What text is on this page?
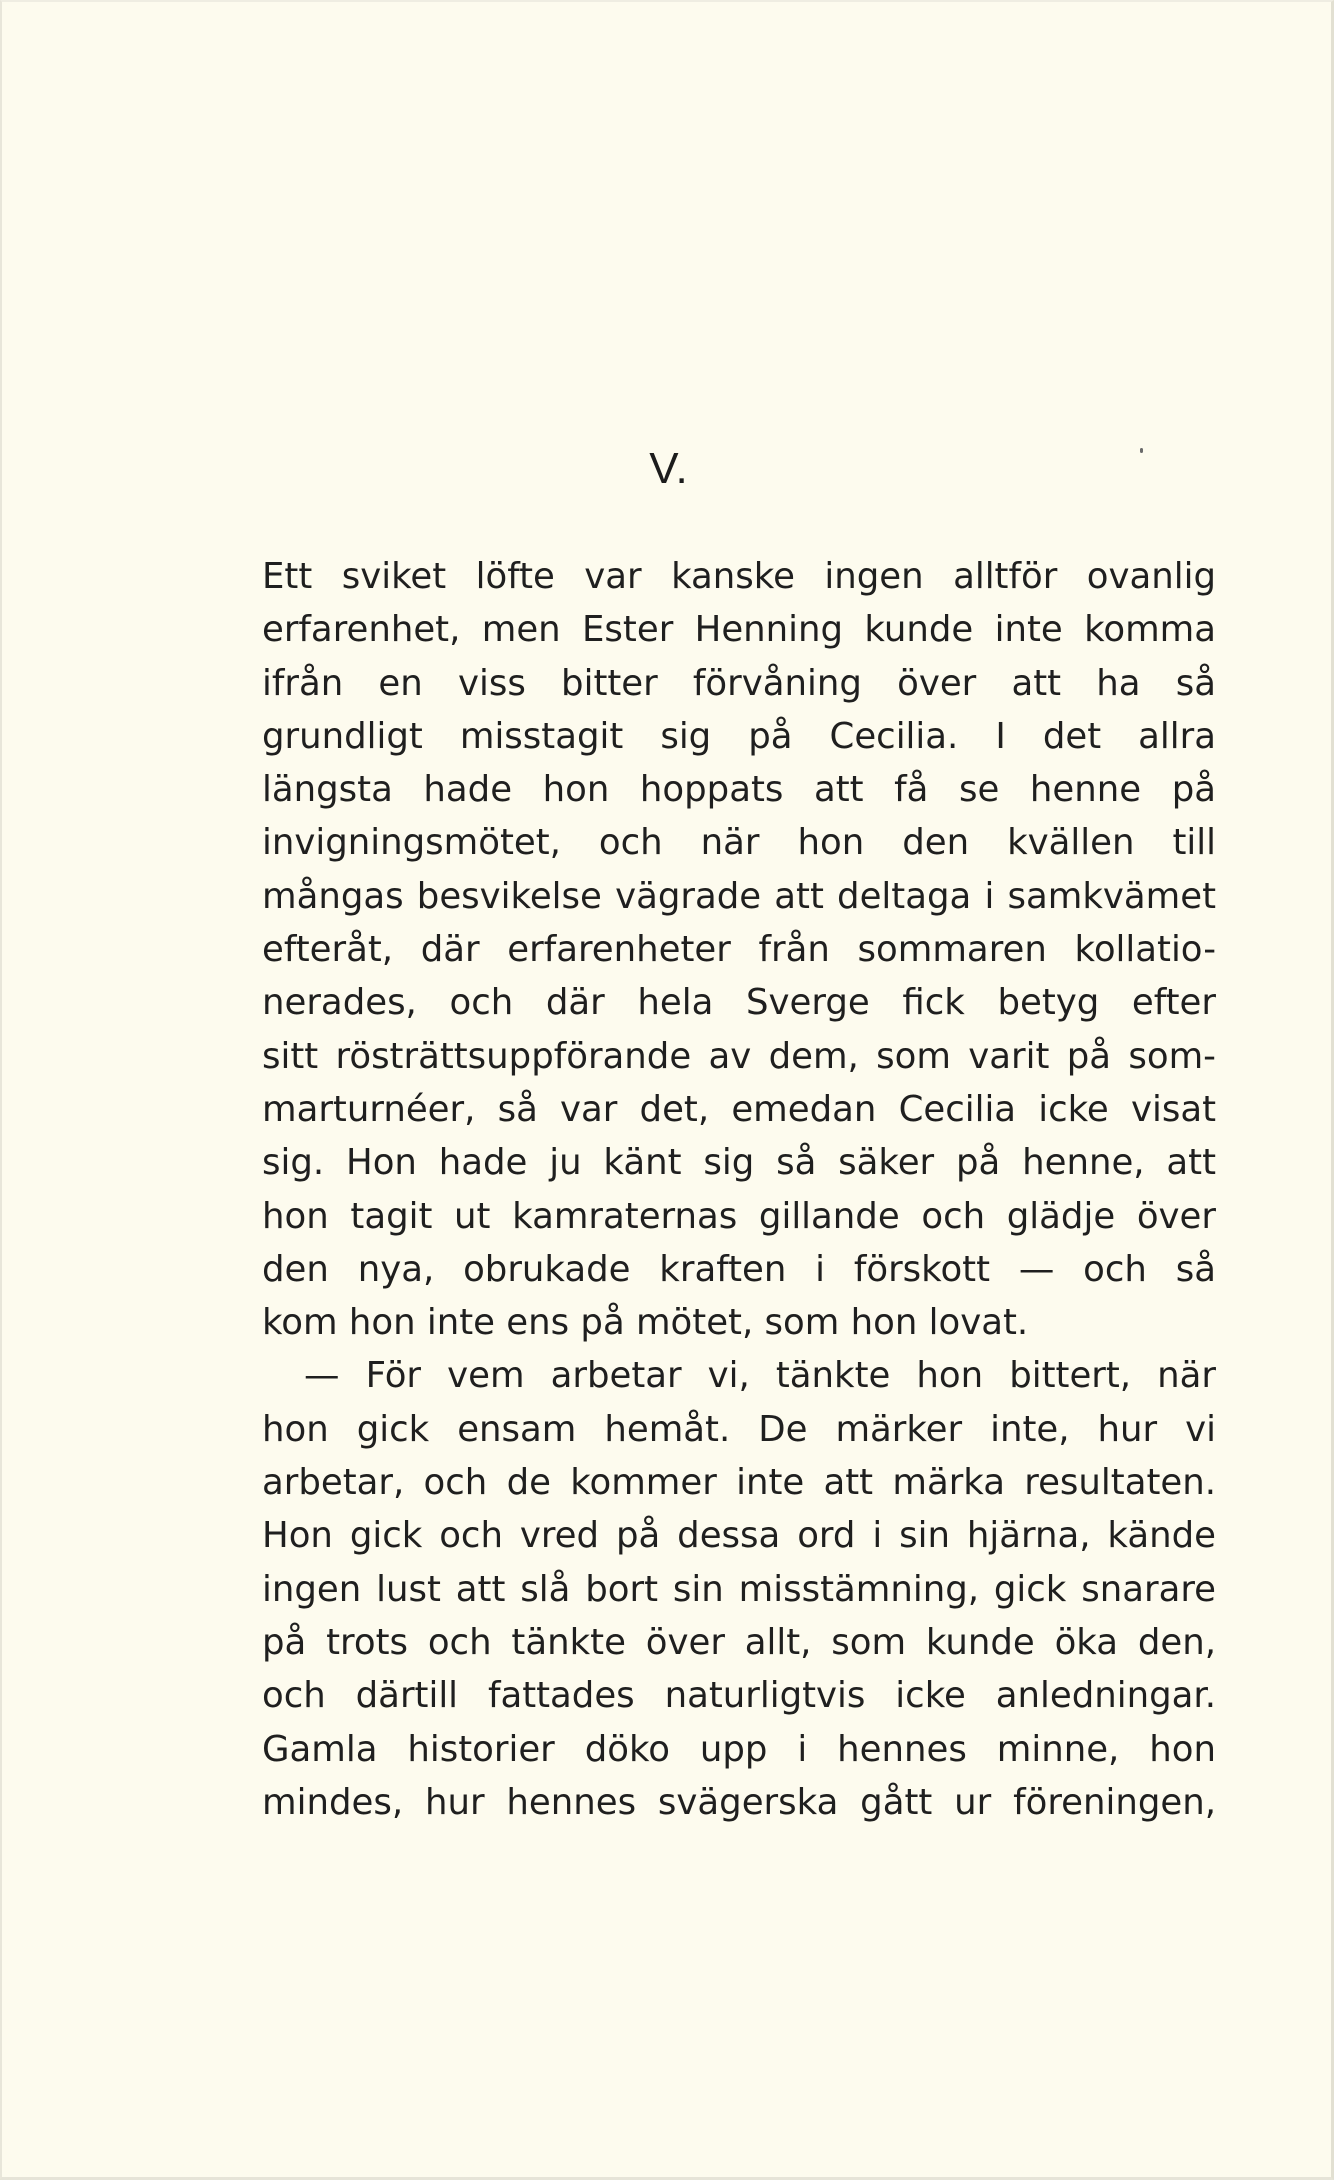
V.
Ett sviket löfte var kanske ingen alltför ovanlig
erfarenhet, men Ester Henning kunde inte komma
ifrån en viss bitter förvåning över att ha så
grundligt misstagit sig på Cecilia. I det allra
längsta hade hon hoppats att få se henne på
invigningsmötet, och när hon den kvällen till
mångas besvikelse vägrade att deltaga i samkvämet
efteråt, där erfarenheter från sommaren kollatio-
nerades, och där hela Sverge fick betyg efter
sitt rösträttsuppförande av dem, som varit på som-
marturnéer, så var det, emedan Cecilia icke visat
sig. Hon hade ju känt sig så säker på henne, att
hon tagit ut kamraternas gillande och glädje över
den nya, obrukade kraften i förskott — och så
kom hon inte ens på mötet, som hon lovat.
— För vem arbetar vi, tänkte hon bittert, när
hon gick ensam hemåt. De märker inte, hur vi
arbetar, och de kommer inte att märka resultaten.
Hon gick och vred på dessa ord i sin hjärna, kände
ingen lust att slå bort sin misstämning, gick snarare
på trots och tänkte över allt, som kunde öka den,
och därtill fattades naturligtvis icke anledningar.
Gamla historier döko upp i hennes minne, hon
mindes, hur hennes svägerska gått ur föreningen,
